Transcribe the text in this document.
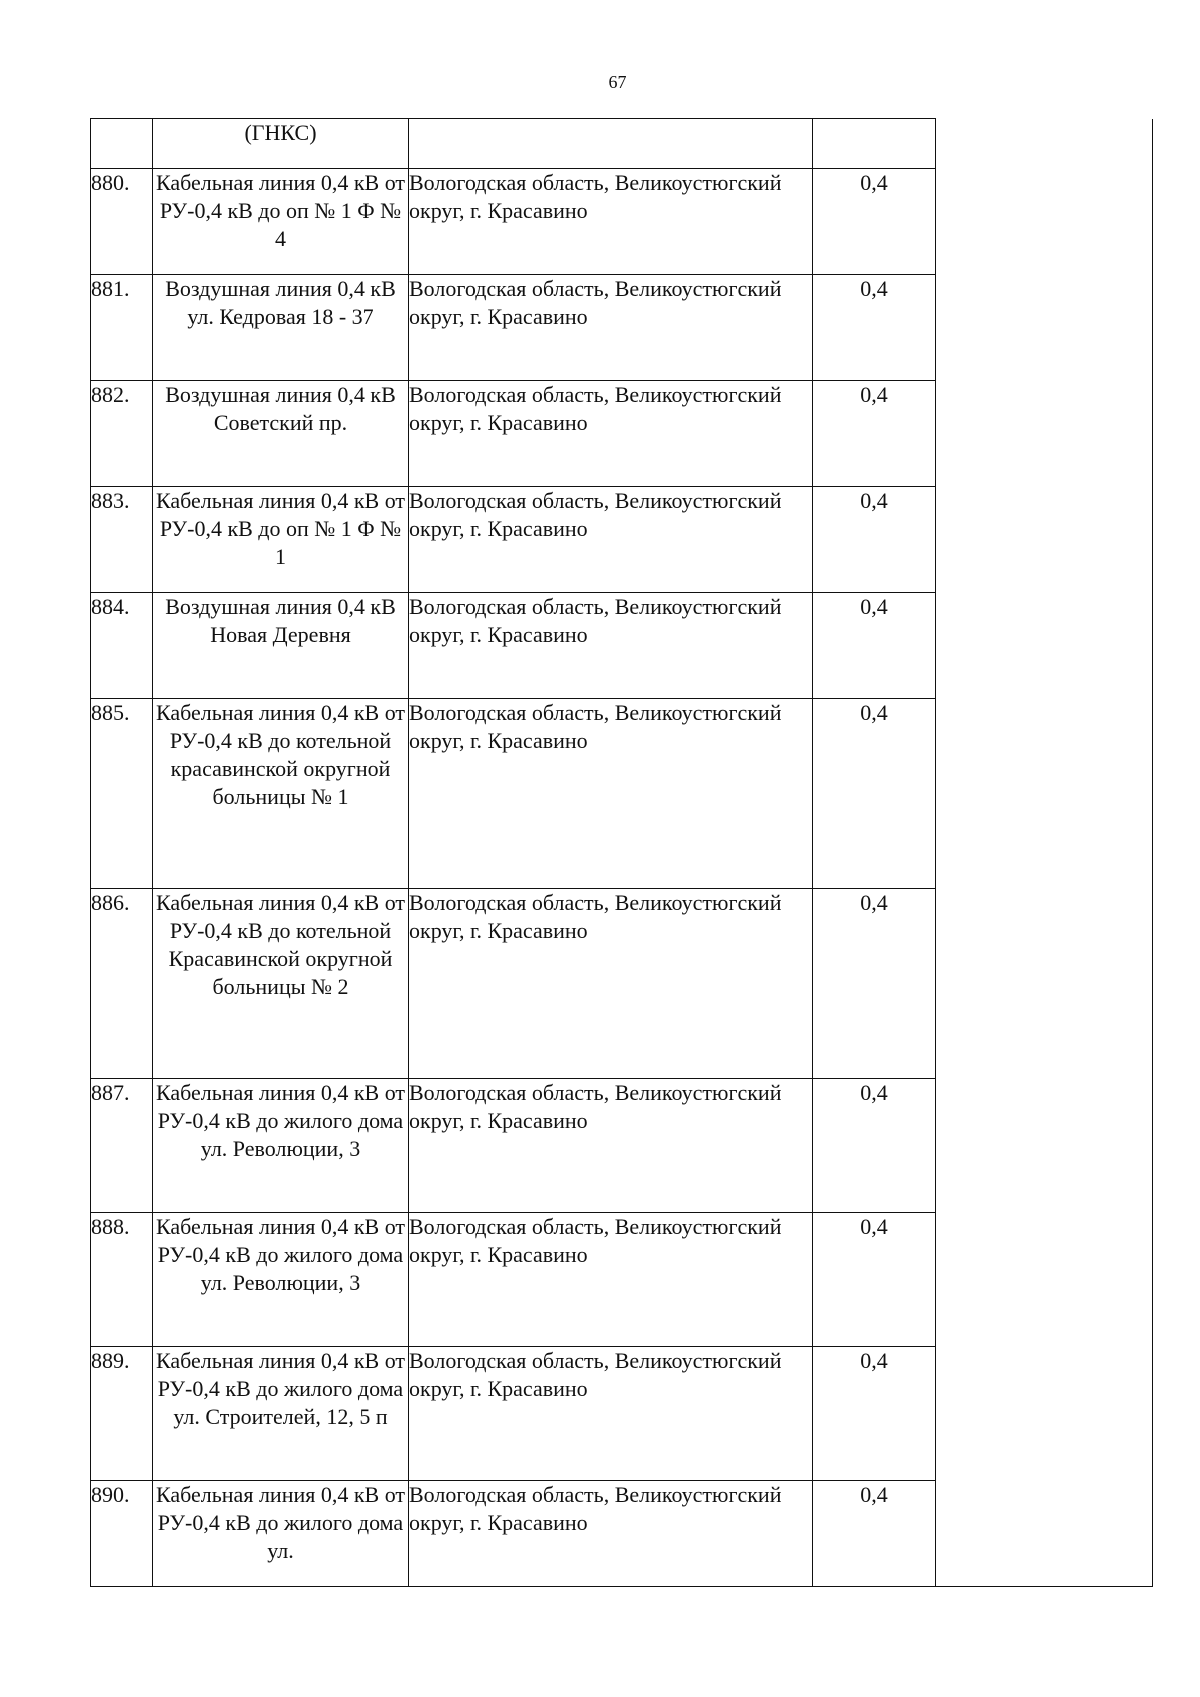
67
	(ГНКС)			
880.	Кабельная линия 0,4 кВ от РУ-0,4 кВ до оп № 1 Ф № 4	Вологодская область, Великоустюгский округ, г. Красавино	0,4	
881.	Воздушная линия 0,4 кВ ул. Кедровая 18 - 37	Вологодская область, Великоустюгский округ, г. Красавино	0,4	
882.	Воздушная линия 0,4 кВ Советский пр.	Вологодская область, Великоустюгский округ, г. Красавино	0,4	
883.	Кабельная линия 0,4 кВ от РУ-0,4 кВ до оп № 1 Ф № 1	Вологодская область, Великоустюгский округ, г. Красавино	0,4	
884.	Воздушная линия 0,4 кВ Новая Деревня	Вологодская область, Великоустюгский округ, г. Красавино	0,4	
885.	Кабельная линия 0,4 кВ от РУ-0,4 кВ до котельной красавинской округной больницы № 1	Вологодская область, Великоустюгский округ, г. Красавино	0,4	
886.	Кабельная линия 0,4 кВ от РУ-0,4 кВ до котельной Красавинской округной больницы № 2	Вологодская область, Великоустюгский округ, г. Красавино	0,4	
887.	Кабельная линия 0,4 кВ от РУ-0,4 кВ до жилого дома ул. Революции, 3	Вологодская область, Великоустюгский округ, г. Красавино	0,4	
888.	Кабельная линия 0,4 кВ от РУ-0,4 кВ до жилого дома ул. Революции, 3	Вологодская область, Великоустюгский округ, г. Красавино	0,4	
889.	Кабельная линия 0,4 кВ от РУ-0,4 кВ до жилого дома ул. Строителей, 12, 5 п	Вологодская область, Великоустюгский округ, г. Красавино	0,4	
890.	Кабельная линия 0,4 кВ от РУ-0,4 кВ до жилого дома ул.	Вологодская область, Великоустюгский округ, г. Красавино	0,4	
